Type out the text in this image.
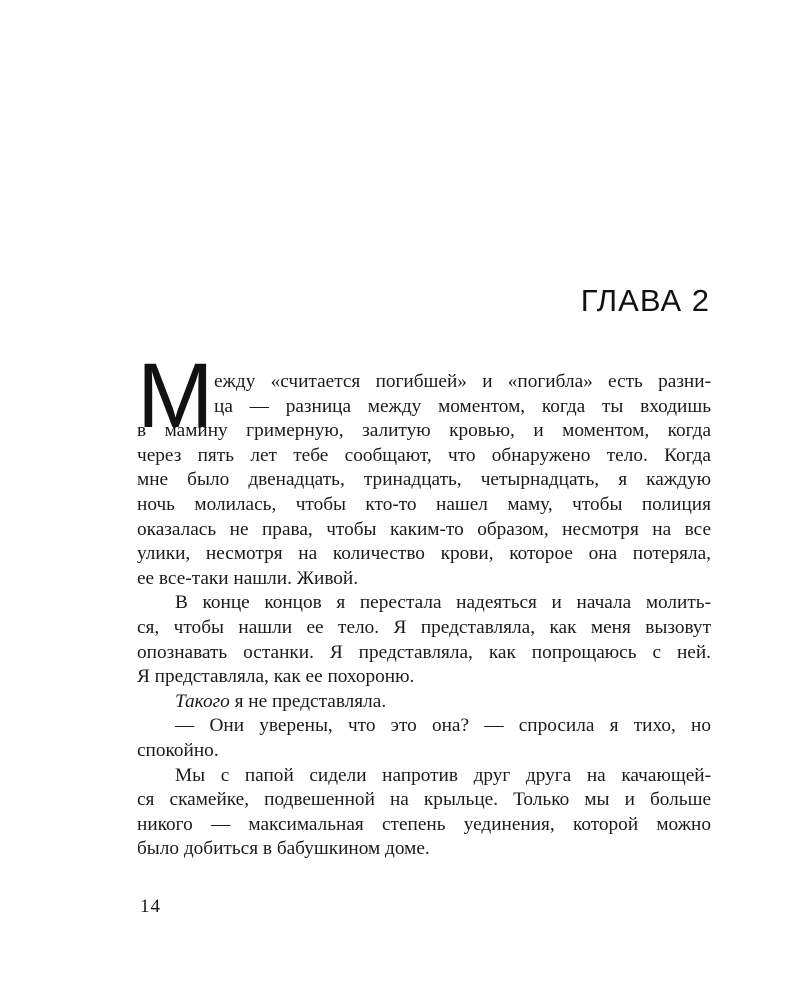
ГЛАВА 2
М ежду «считается погибшей» и «погибла» есть разни-
ца — разница между моментом, когда ты входишь
в мамину гримерную, залитую кровью, и моментом, когда
через пять лет тебе сообщают, что обнаружено тело. Когда
мне было двенадцать, тринадцать, четырнадцать, я каждую
ночь молилась, чтобы кто-то нашел маму, чтобы полиция
оказалась не права, чтобы каким-то образом, несмотря на все
улики, несмотря на количество крови, которое она потеряла,
ее все-таки нашли. Живой.
В конце концов я перестала надеяться и начала молить-
ся, чтобы нашли ее тело. Я представляла, как меня вызовут
опознавать останки. Я представляла, как попрощаюсь с ней.
Я представляла, как ее похороню.
Такого я не представляла.
— Они уверены, что это она? — спросила я тихо, но
спокойно.
Мы с папой сидели напротив друг друга на качающей-
ся скамейке, подвешенной на крыльце. Только мы и больше
никого — максимальная степень уединения, которой можно
было добиться в бабушкином доме.
14
